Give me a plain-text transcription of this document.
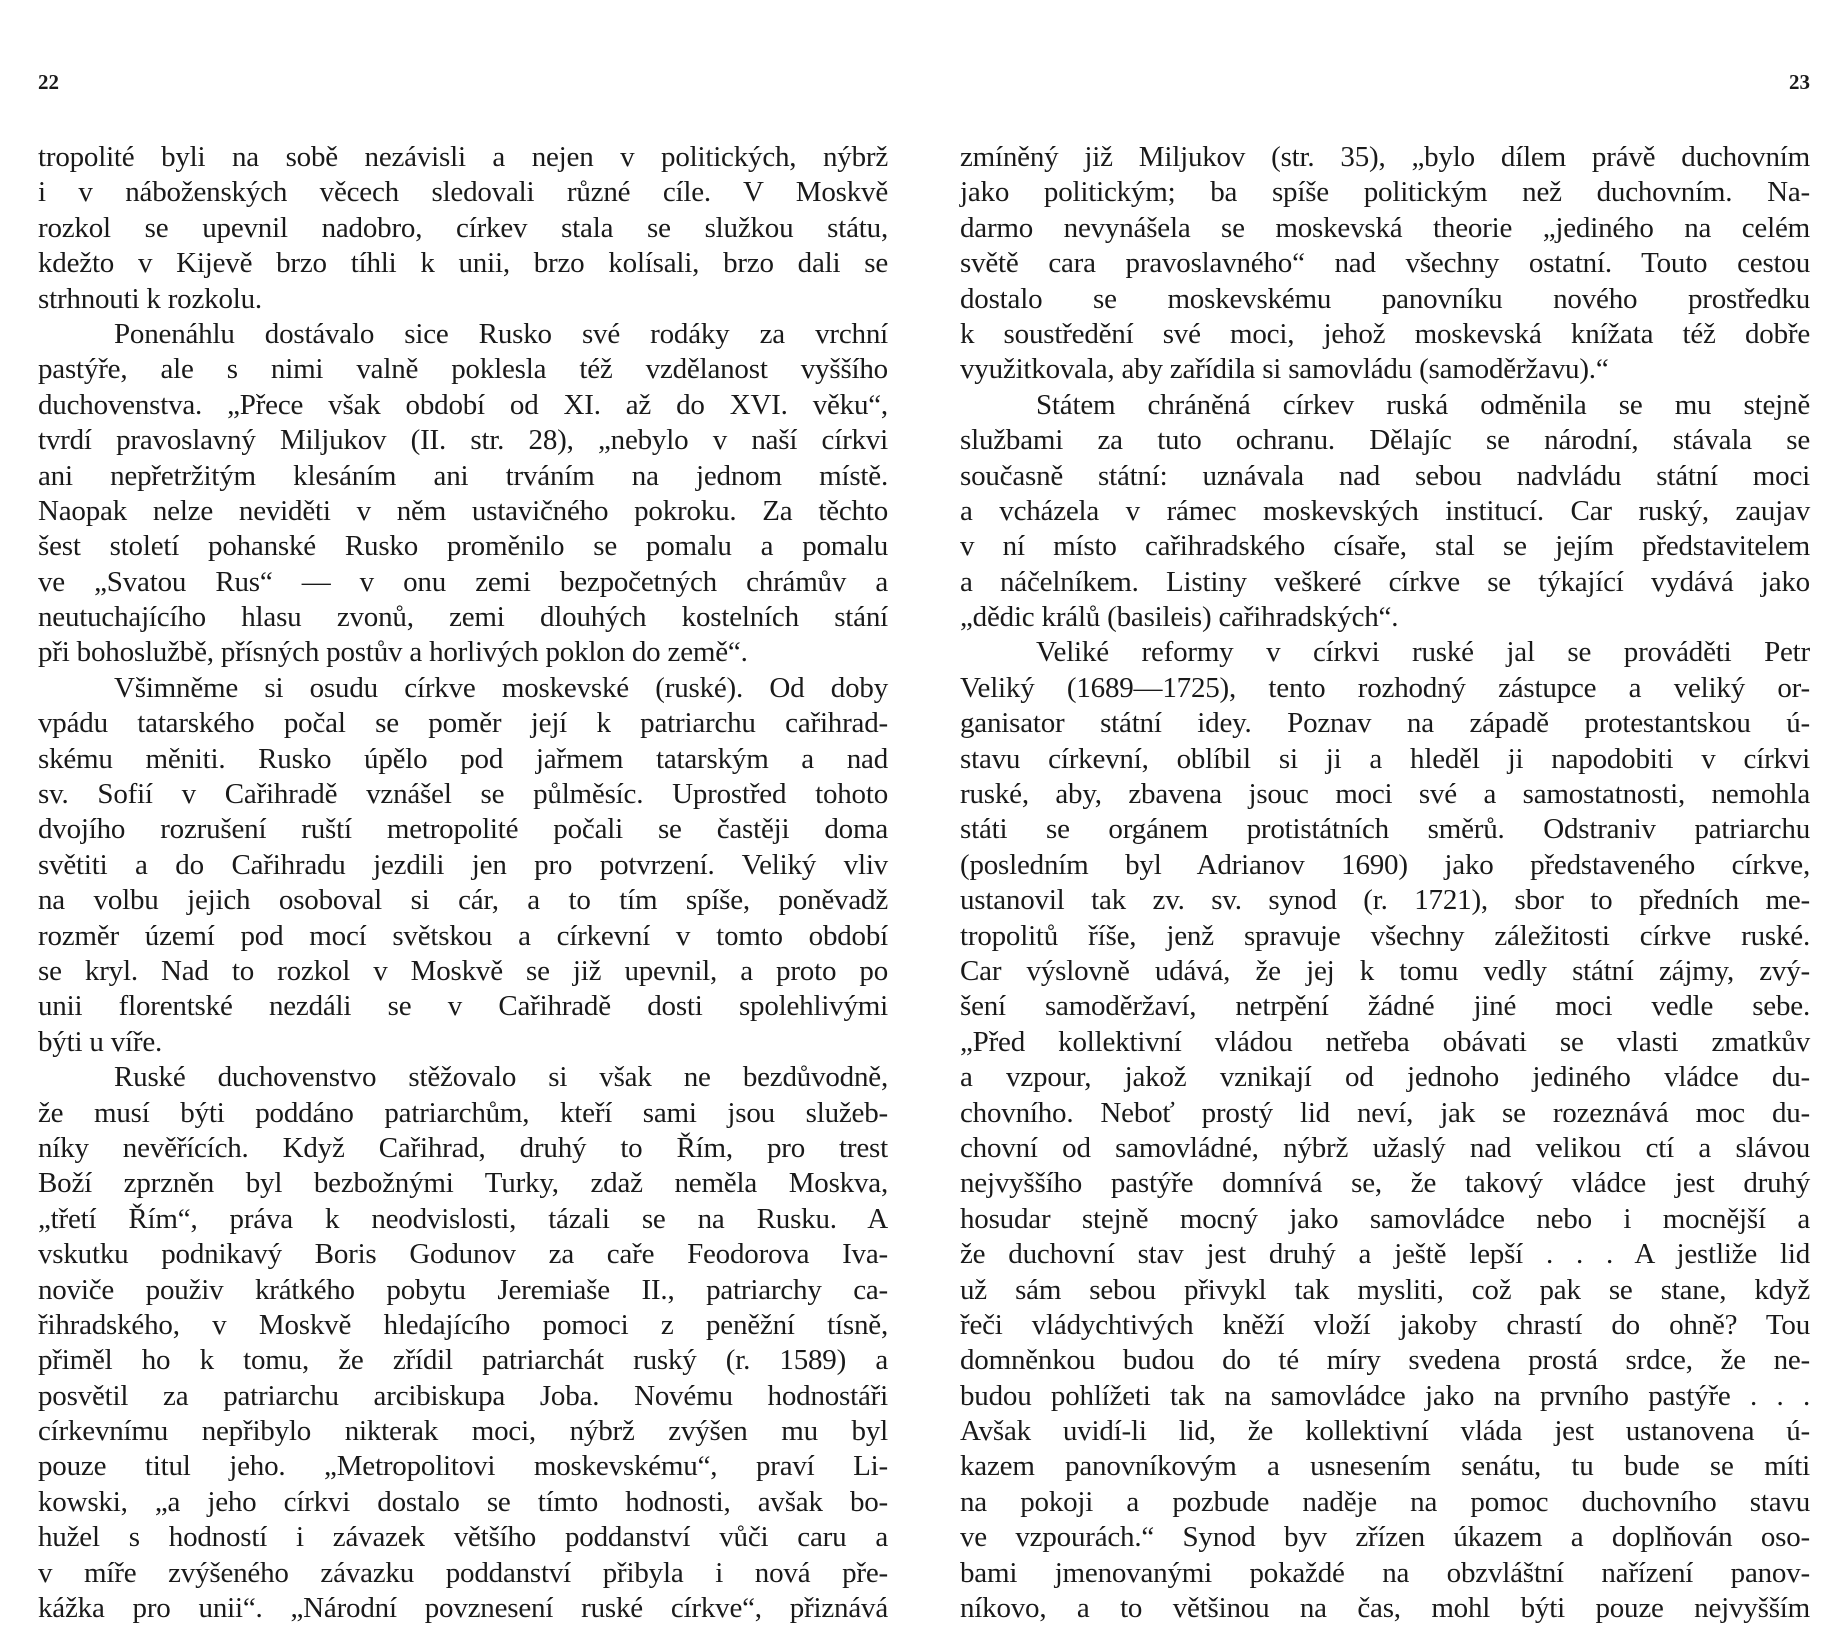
22
tropolité byli na sobě nezávisli a nejen v politických, nýbrž
i v náboženských věcech sledovali různé cíle. V Moskvě
rozkol se upevnil nadobro, církev stala se služkou státu,
kdežto v Kijevě brzo tíhli k unii, brzo kolísali, brzo dali se
strhnouti k rozkolu.
Ponenáhlu dostávalo sice Rusko své rodáky za vrchní
pastýře, ale s nimi valně poklesla též vzdělanost vyššího
duchovenstva. „Přece však období od XI. až do XVI. věku“,
tvrdí pravoslavný Miljukov (II. str. 28), „nebylo v naší církvi
ani nepřetržitým klesáním ani trváním na jednom místě.
Naopak nelze neviděti v něm ustavičného pokroku. Za těchto
šest století pohanské Rusko proměnilo se pomalu a pomalu
ve „Svatou Rus“ — v onu zemi bezpočetných chrámův a
neutuchajícího hlasu zvonů, zemi dlouhých kostelních stání
při bohoslužbě, přísných postův a horlivých poklon do země“.
Všimněme si osudu církve moskevské (ruské). Od doby
vpádu tatarského počal se poměr její k patriarchu cařihrad-
skému měniti. Rusko úpělo pod jařmem tatarským a nad
sv. Sofií v Cařihradě vznášel se půlměsíc. Uprostřed tohoto
dvojího rozrušení ruští metropolité počali se častěji doma
světiti a do Cařihradu jezdili jen pro potvrzení. Veliký vliv
na volbu jejich osoboval si cár, a to tím spíše, poněvadž
rozměr území pod mocí světskou a církevní v tomto období
se kryl. Nad to rozkol v Moskvě se již upevnil, a proto po
unii florentské nezdáli se v Cařihradě dosti spolehlivými
býti u víře.
Ruské duchovenstvo stěžovalo si však ne bezdůvodně,
že musí býti poddáno patriarchům, kteří sami jsou služeb-
níky nevěřících. Když Cařihrad, druhý to Řím, pro trest
Boží zprzněn byl bezbožnými Turky, zdaž neměla Moskva,
„třetí Řím“, práva k neodvislosti, tázali se na Rusku. A
vskutku podnikavý Boris Godunov za caře Feodorova Iva-
noviče použiv krátkého pobytu Jeremiaše II., patriarchy ca-
řihradského, v Moskvě hledajícího pomoci z peněžní tísně,
přiměl ho k tomu, že zřídil patriarchát ruský (r. 1589) a
posvětil za patriarchu arcibiskupa Joba. Novému hodnostáři
církevnímu nepřibylo nikterak moci, nýbrž zvýšen mu byl
pouze titul jeho. „Metropolitovi moskevskému“, praví Li-
kowski, „a jeho církvi dostalo se tímto hodnosti, avšak bo-
hužel s hodností i závazek většího poddanství vůči caru a
v míře zvýšeného závazku poddanství přibyla i nová pře-
kážka pro unii“. „Národní povznesení ruské církve“, přiznává
23
zmíněný již Miljukov (str. 35), „bylo dílem právě duchovním
jako politickým; ba spíše politickým než duchovním. Na-
darmo nevynášela se moskevská theorie „jediného na celém
světě cara pravoslavného“ nad všechny ostatní. Touto cestou
dostalo se moskevskému panovníku nového prostředku
k soustředění své moci, jehož moskevská knížata též dobře
využitkovala, aby zařídila si samovládu (samoděržavu).“
Státem chráněná církev ruská odměnila se mu stejně
službami za tuto ochranu. Dělajíc se národní, stávala se
současně státní: uznávala nad sebou nadvládu státní moci
a vcházela v rámec moskevských institucí. Car ruský, zaujav
v ní místo cařihradského císaře, stal se jejím představitelem
a náčelníkem. Listiny veškeré církve se týkající vydává jako
„dědic králů (basileis) cařihradských“.
Veliké reformy v církvi ruské jal se prováděti Petr
Veliký (1689—1725), tento rozhodný zástupce a veliký or-
ganisator státní idey. Poznav na západě protestantskou ú-
stavu církevní, oblíbil si ji a hleděl ji napodobiti v církvi
ruské, aby, zbavena jsouc moci své a samostatnosti, nemohla
státi se orgánem protistátních směrů. Odstraniv patriarchu
(posledním byl Adrianov 1690) jako představeného církve,
ustanovil tak zv. sv. synod (r. 1721), sbor to předních me-
tropolitů říše, jenž spravuje všechny záležitosti církve ruské.
Car výslovně udává, že jej k tomu vedly státní zájmy, zvý-
šení samoděržaví, netrpění žádné jiné moci vedle sebe.
„Před kollektivní vládou netřeba obávati se vlasti zmatkův
a vzpour, jakož vznikají od jednoho jediného vládce du-
chovního. Neboť prostý lid neví, jak se rozeznává moc du-
chovní od samovládné, nýbrž užaslý nad velikou ctí a slávou
nejvyššího pastýře domnívá se, že takový vládce jest druhý
hosudar stejně mocný jako samovládce nebo i mocnější a
že duchovní stav jest druhý a ještě lepší . . . A jestliže lid
už sám sebou přivykl tak mysliti, což pak se stane, když
řeči vládychtivých kněží vloží jakoby chrastí do ohně? Tou
domněnkou budou do té míry svedena prostá srdce, že ne-
budou pohlížeti tak na samovládce jako na prvního pastýře . . .
Avšak uvidí-li lid, že kollektivní vláda jest ustanovena ú-
kazem panovníkovým a usnesením senátu, tu bude se míti
na pokoji a pozbude naděje na pomoc duchovního stavu
ve vzpourách.“ Synod byv zřízen úkazem a doplňován oso-
bami jmenovanými pokaždé na obzvláštní nařízení panov-
níkovo, a to většinou na čas, mohl býti pouze nejvyšším
